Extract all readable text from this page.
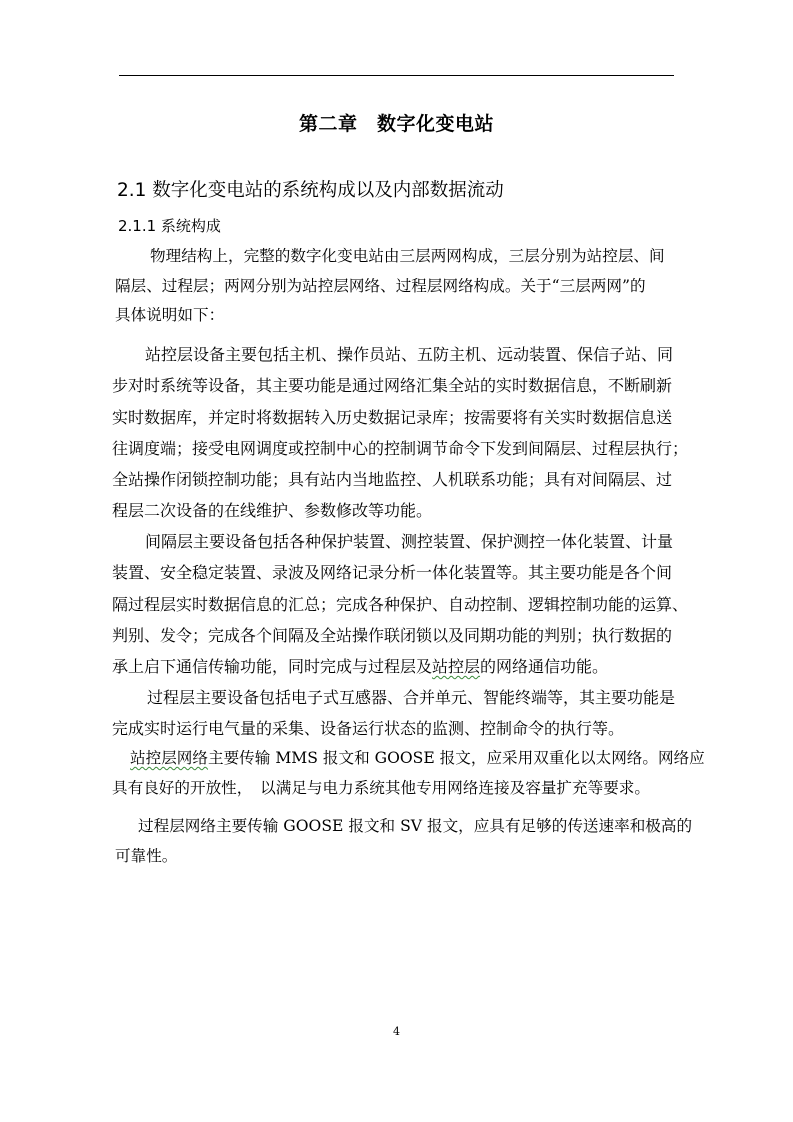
第二章　数字化变电站
2.1 数字化变电站的系统构成以及内部数据流动
2.1.1 系统构成
物理结构上，完整的数字化变电站由三层两网构成，三层分别为站控层、间
隔层、过程层；两网分别为站控层网络、过程层网络构成。关于“三层两网”的
具体说明如下：
站控层设备主要包括主机、操作员站、五防主机、远动装置、保信子站、同
步对时系统等设备，其主要功能是通过网络汇集全站的实时数据信息，不断刷新
实时数据库，并定时将数据转入历史数据记录库；按需要将有关实时数据信息送
往调度端；接受电网调度或控制中心的控制调节命令下发到间隔层、过程层执行；
全站操作闭锁控制功能；具有站内当地监控、人机联系功能；具有对间隔层、过
程层二次设备的在线维护、参数修改等功能。
间隔层主要设备包括各种保护装置、测控装置、保护测控一体化装置、计量
装置、安全稳定装置、录波及网络记录分析一体化装置等。其主要功能是各个间
隔过程层实时数据信息的汇总；完成各种保护、自动控制、逻辑控制功能的运算、
判别、发令；完成各个间隔及全站操作联闭锁以及同期功能的判别；执行数据的
承上启下通信传输功能，同时完成与过程层及站控层的网络通信功能。
过程层主要设备包括电子式互感器、合并单元、智能终端等，其主要功能是
完成实时运行电气量的采集、设备运行状态的监测、控制命令的执行等。
站控层网络主要传输 MMS 报文和 GOOSE 报文，应采用双重化以太网络。网络应
具有良好的开放性，　以满足与电力系统其他专用网络连接及容量扩充等要求。
过程层网络主要传输 GOOSE 报文和 SV 报文，应具有足够的传送速率和极高的
可靠性。
4
